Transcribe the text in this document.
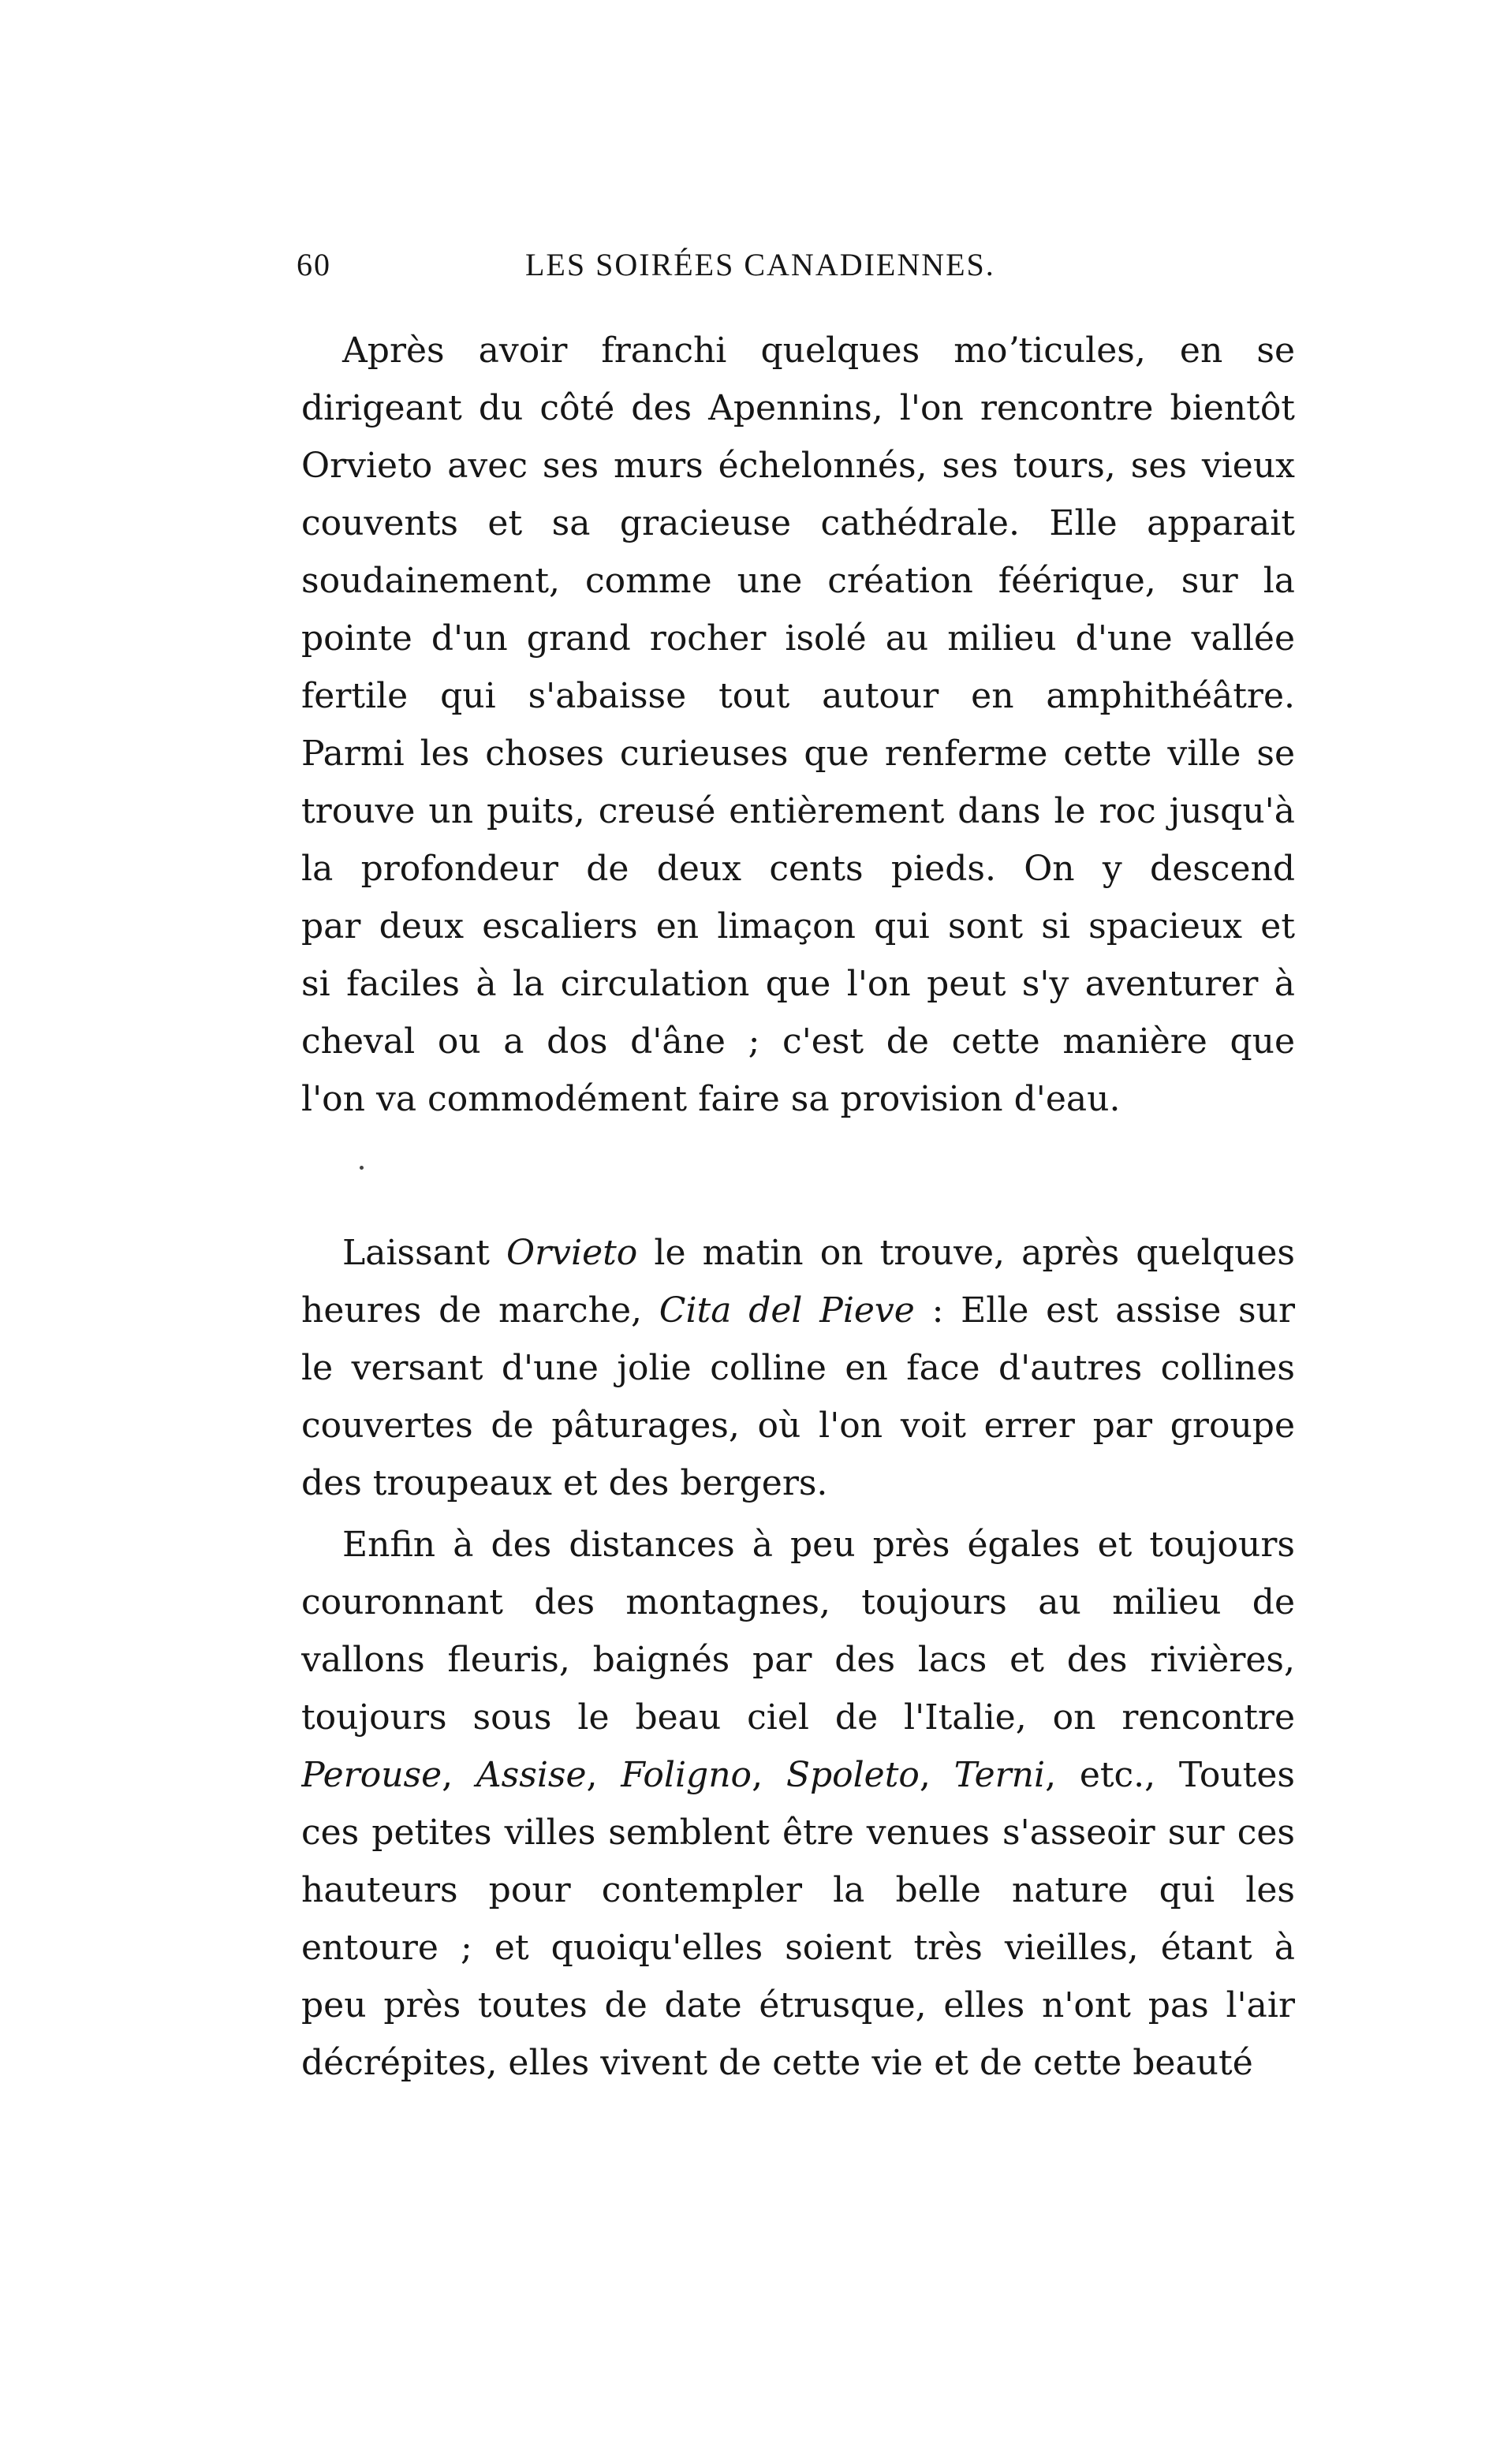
60	LES SOIRÉES CANADIENNES.
Après avoir franchi quelques moʼticules, en se
dirigeant du côté des Apennins, l'on rencontre bientôt
Orvieto avec ses murs échelonnés, ses tours, ses vieux
couvents et sa gracieuse cathédrale. Elle apparait
soudainement, comme une création féérique, sur la
pointe d'un grand rocher isolé au milieu d'une vallée
fertile qui s'abaisse tout autour en amphithéâtre.
Parmi les choses curieuses que renferme cette ville se
trouve un puits, creusé entièrement dans le roc jusqu'à
la profondeur de deux cents pieds. On y descend
par deux escaliers en limaçon qui sont si spacieux et
si faciles à la circulation que l'on peut s'y aventurer à
cheval ou a dos d'âne ; c'est de cette manière que
l'on va commodément faire sa provision d'eau.
Laissant Orvieto le matin on trouve, après quelques
heures de marche, Cita del Pieve : Elle est assise sur
le versant d'une jolie colline en face d'autres collines
couvertes de pâturages, où l'on voit errer par groupe
des troupeaux et des bergers.
Enfin à des distances à peu près égales et toujours
couronnant des montagnes, toujours au milieu de
vallons fleuris, baignés par des lacs et des rivières,
toujours sous le beau ciel de l'Italie, on rencontre
Perouse, Assise, Foligno, Spoleto, Terni, etc., Toutes
ces petites villes semblent être venues s'asseoir sur ces
hauteurs pour contempler la belle nature qui les
entoure ; et quoiqu'elles soient très vieilles, étant à
peu près toutes de date étrusque, elles n'ont pas l'air
décrépites, elles vivent de cette vie et de cette beauté
